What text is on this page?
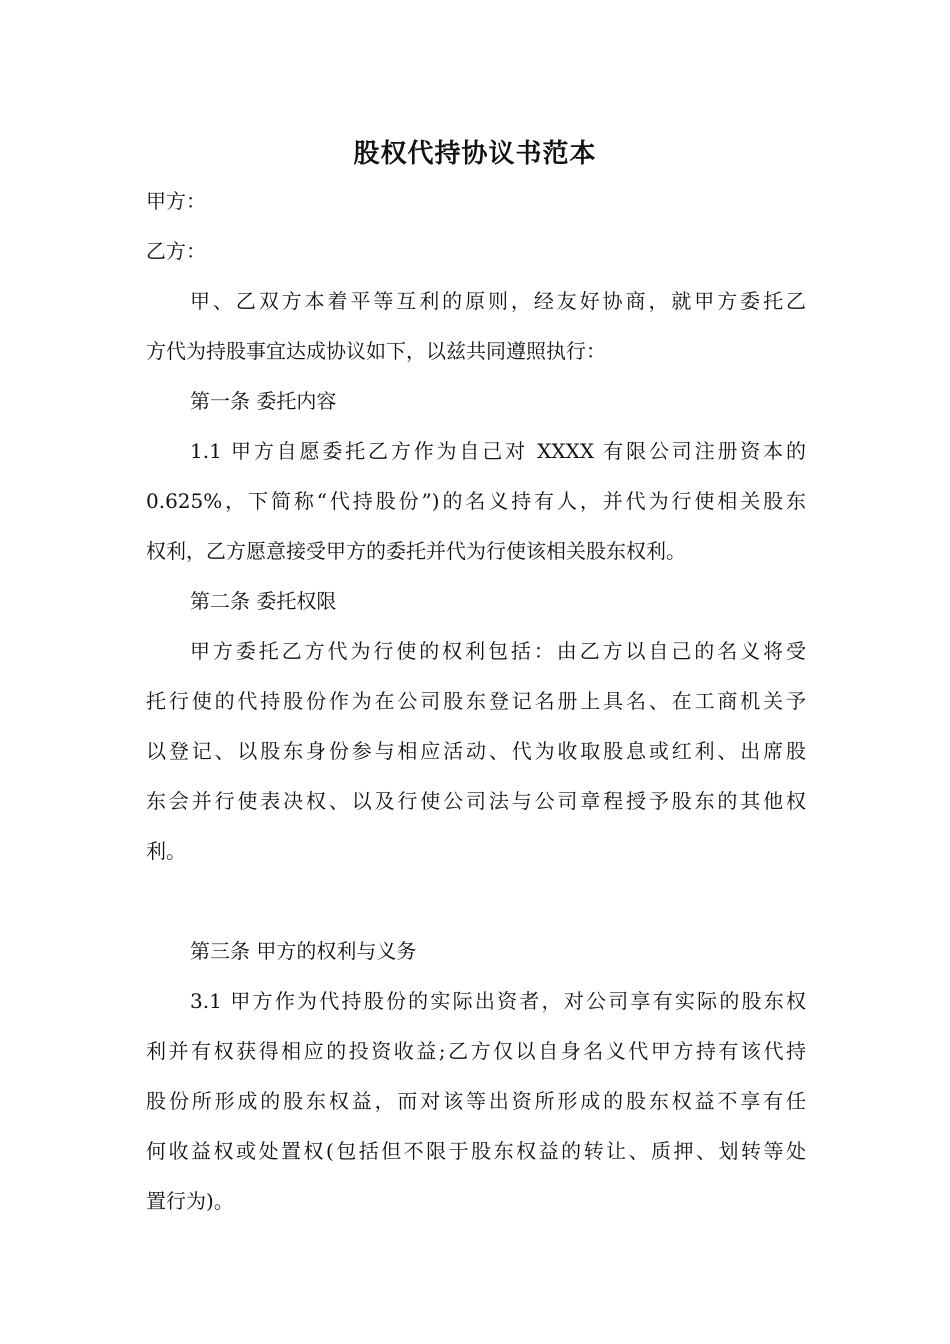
股权代持协议书范本
甲方：
乙方：
甲、乙双方本着平等互利的原则，经友好协商，就甲方委托乙
方代为持股事宜达成协议如下，以兹共同遵照执行：
第一条 委托内容
1.1 甲方自愿委托乙方作为自己对 XXXX 有限公司注册资本的
0.625%，下简称“代持股份”)的名义持有人，并代为行使相关股东
权利，乙方愿意接受甲方的委托并代为行使该相关股东权利。
第二条 委托权限
甲方委托乙方代为行使的权利包括：由乙方以自己的名义将受
托行使的代持股份作为在公司股东登记名册上具名、在工商机关予
以登记、以股东身份参与相应活动、代为收取股息或红利、出席股
东会并行使表决权、以及行使公司法与公司章程授予股东的其他权
利。
第三条 甲方的权利与义务
3.1 甲方作为代持股份的实际出资者，对公司享有实际的股东权
利并有权获得相应的投资收益;乙方仅以自身名义代甲方持有该代持
股份所形成的股东权益，而对该等出资所形成的股东权益不享有任
何收益权或处置权(包括但不限于股东权益的转让、质押、划转等处
置行为)。
